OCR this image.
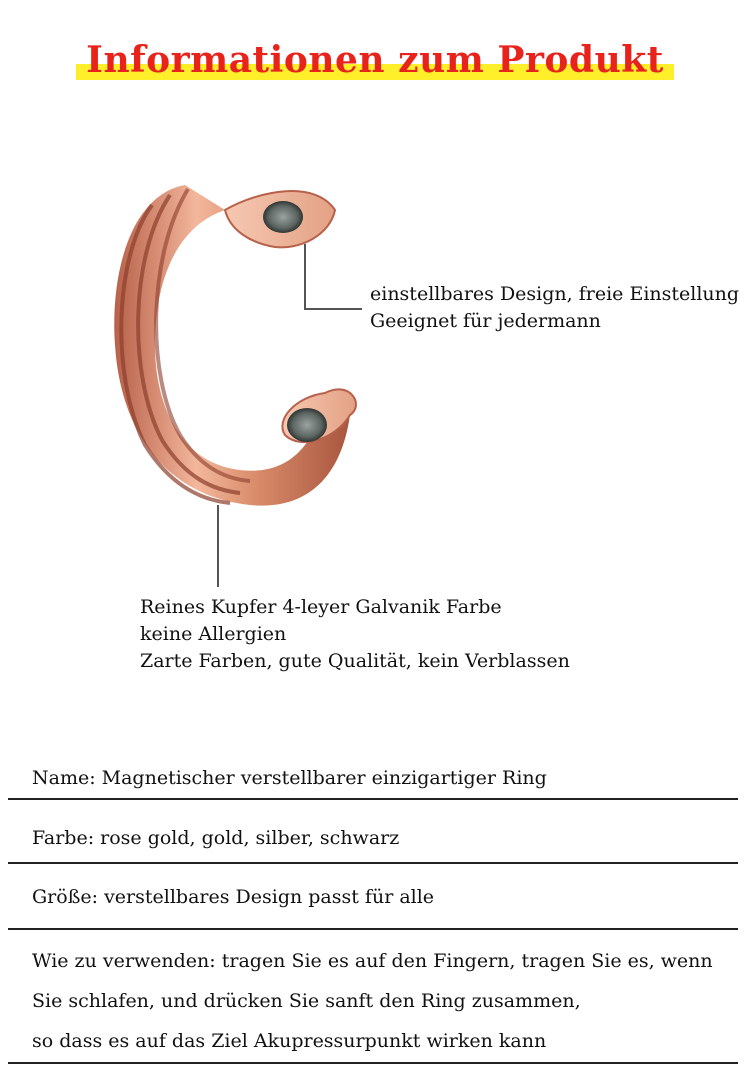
Informationen zum Produkt
einstellbares Design, freie Einstellung
Geeignet für jedermann
Reines Kupfer 4-leyer Galvanik Farbe
keine Allergien
Zarte Farben, gute Qualität, kein Verblassen
Name: Magnetischer verstellbarer einzigartiger Ring
Farbe: rose gold, gold, silber, schwarz
Größe: verstellbares Design passt für alle
Wie zu verwenden: tragen Sie es auf den Fingern, tragen Sie es, wenn
Sie schlafen, und drücken Sie sanft den Ring zusammen,
so dass es auf das Ziel Akupressurpunkt wirken kann
